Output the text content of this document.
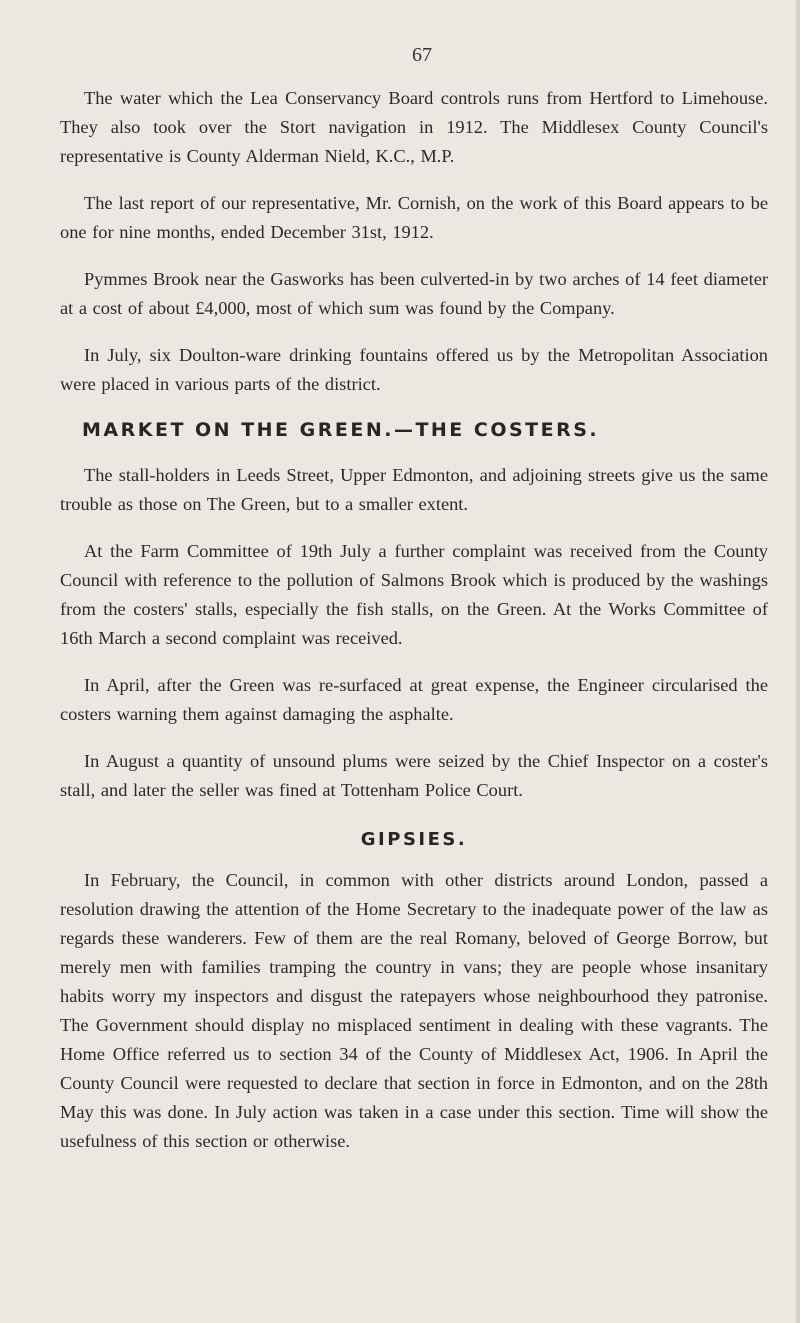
67

The water which the Lea Conservancy Board controls runs from Hertford to Limehouse. They also took over the Stort navigation in 1912. The Middlesex County Council's representative is County Alderman Nield, K.C., M.P.

The last report of our representative, Mr. Cornish, on the work of this Board appears to be one for nine months, ended December 31st, 1912.

Pymmes Brook near the Gasworks has been culverted-in by two arches of 14 feet diameter at a cost of about £4,000, most of which sum was found by the Company.

In July, six Doulton-ware drinking fountains offered us by the Metropolitan Association were placed in various parts of the district.

MARKET ON THE GREEN.—THE COSTERS.

The stall-holders in Leeds Street, Upper Edmonton, and adjoining streets give us the same trouble as those on The Green, but to a smaller extent.

At the Farm Committee of 19th July a further complaint was received from the County Council with reference to the pollution of Salmons Brook which is produced by the washings from the costers' stalls, especially the fish stalls, on the Green. At the Works Committee of 16th March a second complaint was received.

In April, after the Green was re-surfaced at great expense, the Engineer circularised the costers warning them against damaging the asphalte.

In August a quantity of unsound plums were seized by the Chief Inspector on a coster's stall, and later the seller was fined at Tottenham Police Court.

GIPSIES.

In February, the Council, in common with other districts around London, passed a resolution drawing the attention of the Home Secretary to the inadequate power of the law as regards these wanderers. Few of them are the real Romany, beloved of George Borrow, but merely men with families tramping the country in vans; they are people whose insanitary habits worry my inspectors and disgust the ratepayers whose neighbourhood they patronise. The Government should display no misplaced sentiment in dealing with these vagrants. The Home Office referred us to section 34 of the County of Middlesex Act, 1906. In April the County Council were requested to declare that section in force in Edmonton, and on the 28th May this was done. In July action was taken in a case under this section. Time will show the usefulness of this section or otherwise.
